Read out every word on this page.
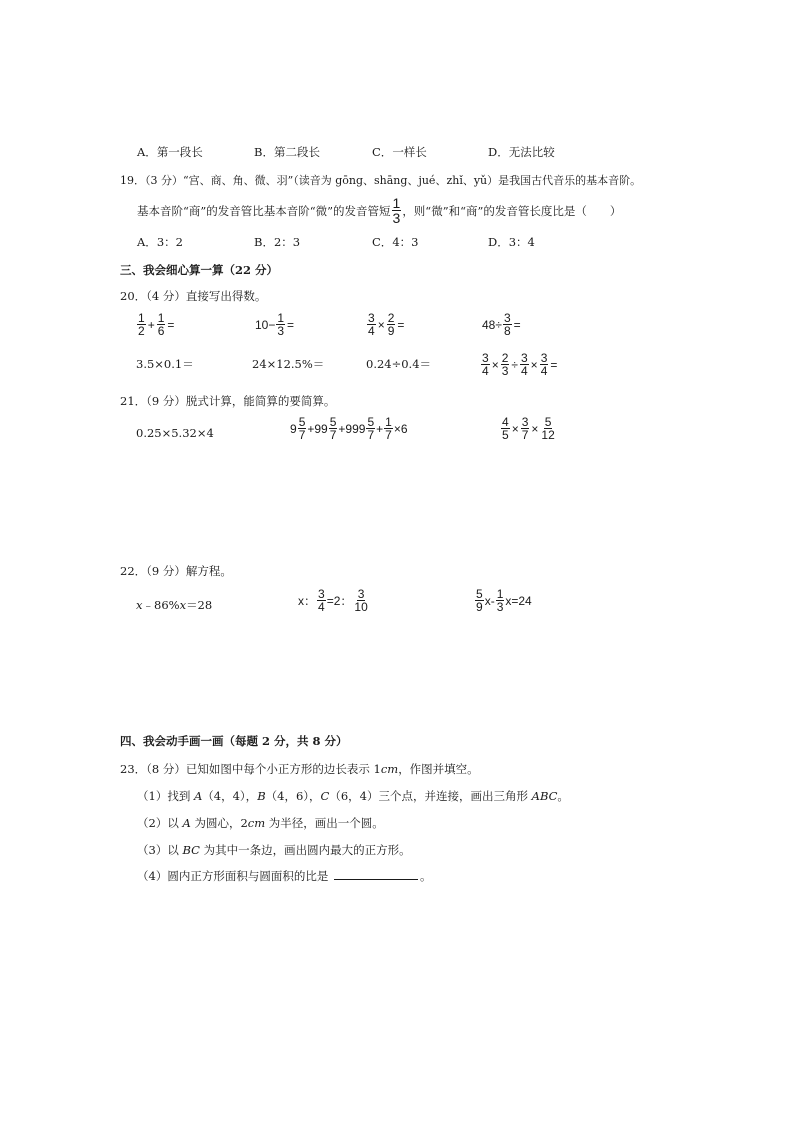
A．第一段长	B．第二段长	C．一样长	D．无法比较
19．（3 分）“宫、商、角、微、羽”（读音为 gōng、shāng、jué、zhǐ、yǔ）是我国古代音乐的基本音阶。
基本音阶“商”的发音管比基本音阶“微”的发音管短 $\frac{1}{3}$ ，则“微”和“商”的发音管长度比是（　　）
A．3：2	B．2：3	C．4：3	D．3：4
三、我会细心算一算（22 分）
20．（4 分）直接写出得数。
$\frac{1}{2} + \frac{1}{6}$ =	$10- \frac{1}{3}$ =	$\frac{3}{4} \times \frac{2}{9}$ =	$48\div \frac{3}{8}$ =
3.5×0.1＝	24×12.5%＝	0.24÷0.4＝	$\frac{3}{4} \times \frac{2}{3} \div \frac{3}{4} \times \frac{3}{4}$ =
21．（9 分）脱式计算，能简算的要简算。
0.25×5.32×4	$9 \frac{5}{7} +99 \frac{5}{7} +999 \frac{5}{7} + \frac{1}{7} \times 6$	$\frac{4}{5} \times \frac{3}{7} \times \frac{5}{12}$
22．（9 分）解方程。
x﹣86%x＝28	x： $\frac{3}{4} =2$： $\frac{3}{10}$	$\frac{5}{9} x- \frac{1}{3} x=24$
四、我会动手画一画（每题 2 分，共 8 分）
23．（8 分）已知如图中每个小正方形的边长表示 1cm，作图并填空。
（1）找到 A（4，4），B（4，6），C（6，4）三个点，并连接，画出三角形 ABC。
（2）以 A 为圆心，2cm 为半径，画出一个圆。
（3）以 BC 为其中一条边，画出圆内最大的正方形。
（4）圆内正方形面积与圆面积的比是	。
